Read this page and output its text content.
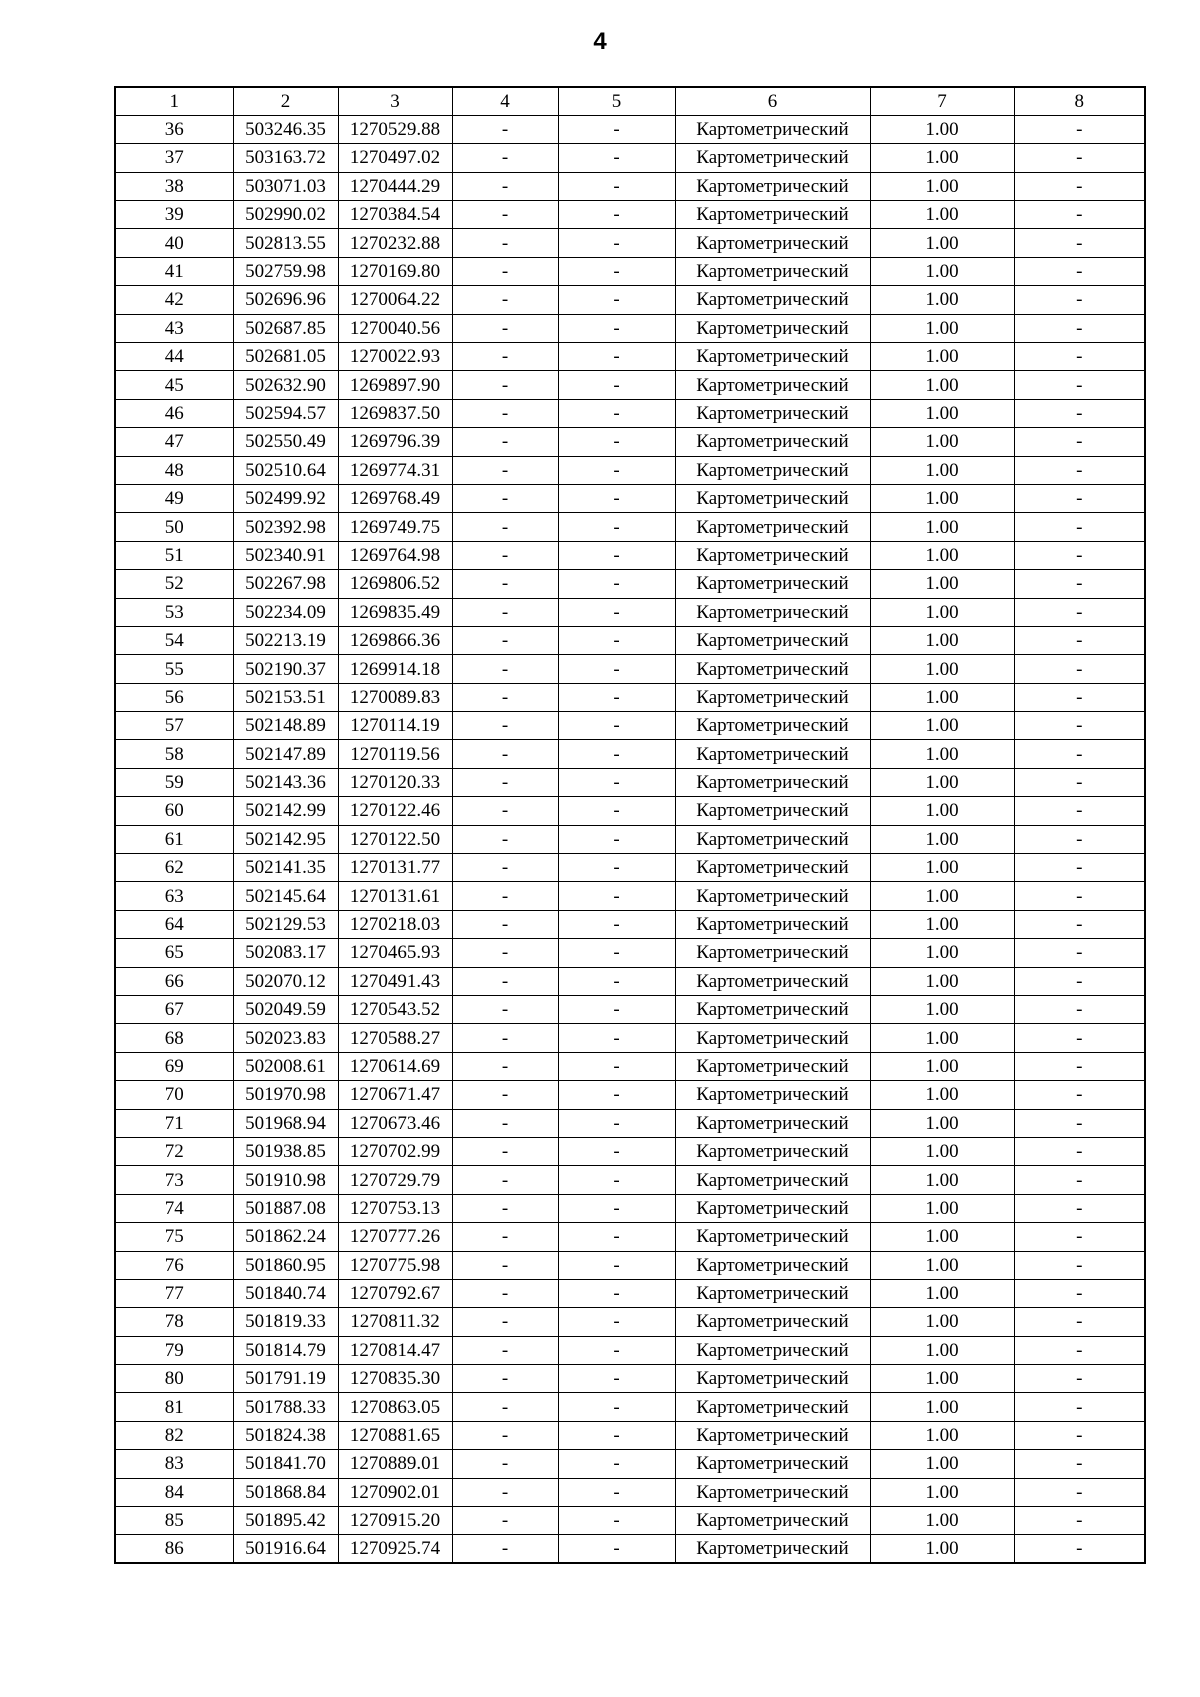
4
1	2	3	4	5	6	7	8
36	503246.35	1270529.88	-	-	Картометрический	1.00	-
37	503163.72	1270497.02	-	-	Картометрический	1.00	-
38	503071.03	1270444.29	-	-	Картометрический	1.00	-
39	502990.02	1270384.54	-	-	Картометрический	1.00	-
40	502813.55	1270232.88	-	-	Картометрический	1.00	-
41	502759.98	1270169.80	-	-	Картометрический	1.00	-
42	502696.96	1270064.22	-	-	Картометрический	1.00	-
43	502687.85	1270040.56	-	-	Картометрический	1.00	-
44	502681.05	1270022.93	-	-	Картометрический	1.00	-
45	502632.90	1269897.90	-	-	Картометрический	1.00	-
46	502594.57	1269837.50	-	-	Картометрический	1.00	-
47	502550.49	1269796.39	-	-	Картометрический	1.00	-
48	502510.64	1269774.31	-	-	Картометрический	1.00	-
49	502499.92	1269768.49	-	-	Картометрический	1.00	-
50	502392.98	1269749.75	-	-	Картометрический	1.00	-
51	502340.91	1269764.98	-	-	Картометрический	1.00	-
52	502267.98	1269806.52	-	-	Картометрический	1.00	-
53	502234.09	1269835.49	-	-	Картометрический	1.00	-
54	502213.19	1269866.36	-	-	Картометрический	1.00	-
55	502190.37	1269914.18	-	-	Картометрический	1.00	-
56	502153.51	1270089.83	-	-	Картометрический	1.00	-
57	502148.89	1270114.19	-	-	Картометрический	1.00	-
58	502147.89	1270119.56	-	-	Картометрический	1.00	-
59	502143.36	1270120.33	-	-	Картометрический	1.00	-
60	502142.99	1270122.46	-	-	Картометрический	1.00	-
61	502142.95	1270122.50	-	-	Картометрический	1.00	-
62	502141.35	1270131.77	-	-	Картометрический	1.00	-
63	502145.64	1270131.61	-	-	Картометрический	1.00	-
64	502129.53	1270218.03	-	-	Картометрический	1.00	-
65	502083.17	1270465.93	-	-	Картометрический	1.00	-
66	502070.12	1270491.43	-	-	Картометрический	1.00	-
67	502049.59	1270543.52	-	-	Картометрический	1.00	-
68	502023.83	1270588.27	-	-	Картометрический	1.00	-
69	502008.61	1270614.69	-	-	Картометрический	1.00	-
70	501970.98	1270671.47	-	-	Картометрический	1.00	-
71	501968.94	1270673.46	-	-	Картометрический	1.00	-
72	501938.85	1270702.99	-	-	Картометрический	1.00	-
73	501910.98	1270729.79	-	-	Картометрический	1.00	-
74	501887.08	1270753.13	-	-	Картометрический	1.00	-
75	501862.24	1270777.26	-	-	Картометрический	1.00	-
76	501860.95	1270775.98	-	-	Картометрический	1.00	-
77	501840.74	1270792.67	-	-	Картометрический	1.00	-
78	501819.33	1270811.32	-	-	Картометрический	1.00	-
79	501814.79	1270814.47	-	-	Картометрический	1.00	-
80	501791.19	1270835.30	-	-	Картометрический	1.00	-
81	501788.33	1270863.05	-	-	Картометрический	1.00	-
82	501824.38	1270881.65	-	-	Картометрический	1.00	-
83	501841.70	1270889.01	-	-	Картометрический	1.00	-
84	501868.84	1270902.01	-	-	Картометрический	1.00	-
85	501895.42	1270915.20	-	-	Картометрический	1.00	-
86	501916.64	1270925.74	-	-	Картометрический	1.00	-
